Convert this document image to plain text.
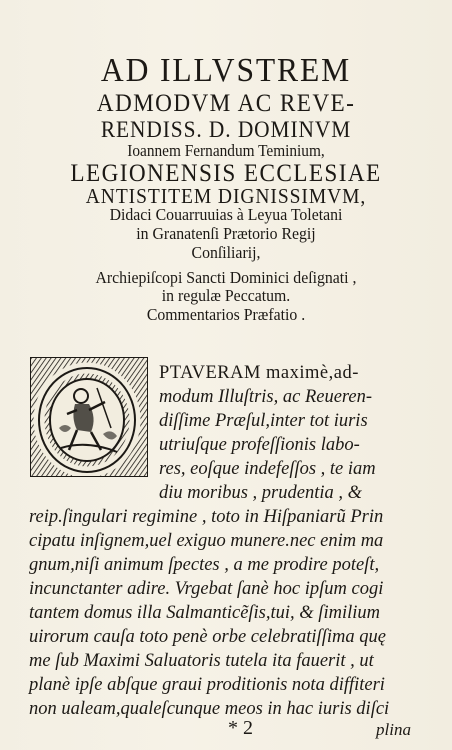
AD ILLVSTREM
ADMODVM AC REVE-
RENDISS. D. DOMINVM
Ioannem Fernandum Teminium,
LEGIONENSIS ECCLESIAE
ANTISTITEM DIGNISSIMVM,
Didaci Couarruuias à Leyua Toletani
in Granatenſi Prætorio Regij
Conſiliarij,
Archiepiſcopi Sancti Dominici deſignati ,
in regulæ Peccatum.
Commentarios Præfatio .
PTAVERAM maximè,ad-
modum Illuſtris, ac Reueren-
diſſime Præſul,inter tot iuris
utriuſque profeſſionis labo-
res, eoſque indefeſſos , te iam
diu moribus , prudentia , &
reip.ſingulari regimine , toto in Hiſpaniarũ Prin
cipatu inſignem,uel exiguo munere.nec enim ma
gnum,niſi animum ſpectes , a me prodire poteſt,
incunctanter adire. Vrgebat ſanè hoc ipſum cogi
tantem domus illa Salmanticẽſis,tui, & ſimilium
uirorum cauſa toto penè orbe celebratiſſima quę
me ſub Maximi Saluatoris tutela ita fauerit , ut
planè ipſe abſque graui proditionis nota diffiteri
non ualeam,qualeſcunque meos in hac iuris diſci
* 2	plina
